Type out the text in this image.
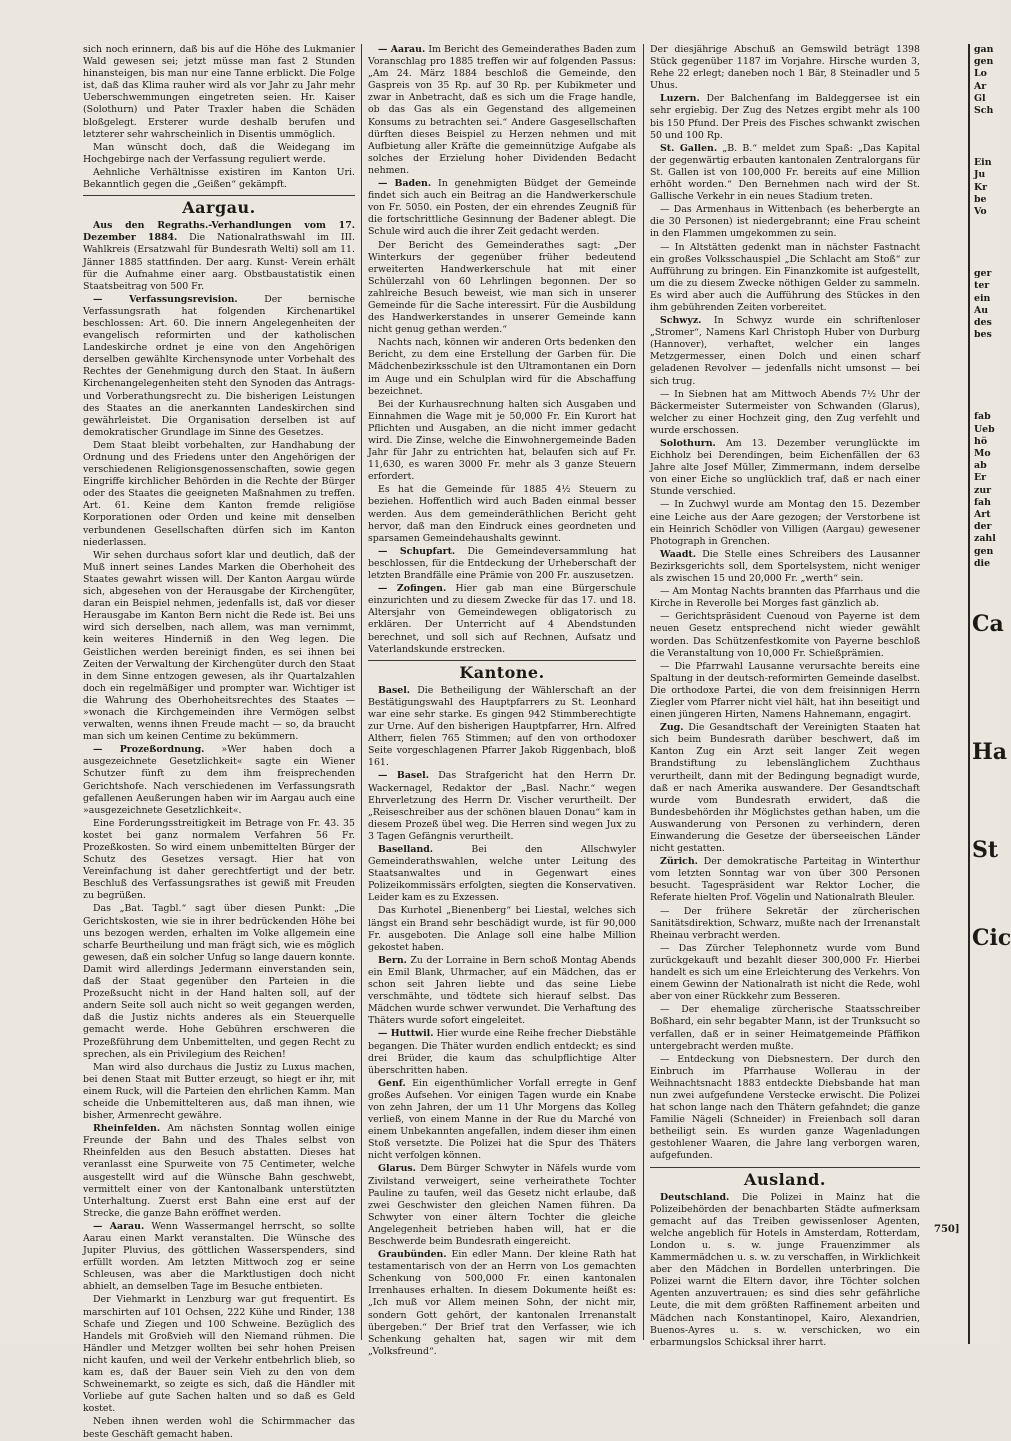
sich noch erinnern, daß bis auf die Höhe des Lukmanier Wald gewesen sei; jetzt müsse man fast 2 Stunden hinansteigen, bis man nur eine Tanne erblickt. Die Folge ist, daß das Klima rauher wird als vor Jahr zu Jahr mehr Ueberschwemmungen eingetreten seien. Hr. Kaiser (Solothurn) und Pater Traxler haben die Schäden bloßgelegt. Ersterer wurde deshalb berufen und letzterer sehr wahrscheinlich in Disentis ummöglich.

Man wünscht doch, daß die Weidegang im Hochgebirge nach der Verfassung reguliert werde.

Aehnliche Verhältnisse existiren im Kanton Uri. Bekanntlich gegen die „Geißen“ gekämpft.

Aargau.

Aus den Regraths.-Verhandlungen vom 17. Dezember 1884. Die Nationalrathswahl im III. Wahlkreis (Ersatzwahl für Bundesrath Welti) soll am 11. Jänner 1885 stattfinden. Der aarg. Kunst- Verein erhält für die Aufnahme einer aarg. Obstbaustatistik einen Staatsbeitrag von 500 Fr.

— Verfassungsrevision.	Der bernische Verfassungsrath hat folgenden Kirchenartikel beschlossen: Art. 60. Die innern Angelegenheiten der evangelisch reformirten und der katholischen Landeskirche ordnet je eine von den Angehörigen derselben gewählte Kirchensynode unter Vorbehalt des Rechtes der Genehmigung durch den Staat. In äußern Kirchenangelegenheiten steht den Synoden das Antrags- und Vorberathungsrecht zu. Die bisherigen Leistungen des Staates an die anerkannten Landeskirchen sind gewährleistet. Die Organisation derselben ist auf demokratischer Grundlage im Sinne des Gesetzes.

Dem Staat bleibt vorbehalten, zur Handhabung der Ordnung und des Friedens unter den Angehörigen der verschiedenen Religionsgenossenschaften, sowie gegen Eingriffe kirchlicher Behörden in die Rechte der Bürger oder des Staates die geeigneten Maßnahmen zu treffen. Art. 61. Keine dem Kanton fremde religiöse Korporationen oder Orden und keine mit denselben verbundenen Gesellschaften dürfen sich im Kanton niederlassen.

Wir sehen durchaus sofort klar und deutlich, daß der Muß innert seines Landes Marken die Oberhoheit des Staates gewahrt wissen will. Der Kanton Aargau würde sich, abgesehen von der Herausgabe der Kirchengüter, daran ein Beispiel nehmen, jedenfalls ist, daß vor dieser Herausgabe im Kanton Bern nicht die Rede ist. Bei uns wird sich derselben, nach allem, was man vernimmt, kein weiteres Hinderniß in den Weg legen. Die Geistlichen werden bereinigt finden, es sei ihnen bei Zeiten der Verwaltung der Kirchengüter durch den Staat in dem Sinne entzogen gewesen, als ihr Quartalzahlen doch ein regelmäßiger und prompter war. Wichtiger ist die Wahrung des Oberhoheitsrechtes des Staates — »wonach die Kirchgemeinden ihre Vermögen selbst verwalten, wenns ihnen Freude macht — so, da braucht man sich um keinen Centime zu bekümmern.

— Prozeßordnung. »Wer haben doch a ausgezeichnete Gesetzlichkeit« sagte ein Wiener Schutzer fünft zu dem ihm freisprechenden Gerichtshofe. Nach verschiedenen im Verfassungsrath gefallenen Aeußerungen haben wir im Aargau auch eine »ausgezeichnete Gesetzlichkeit«.

Eine Forderungsstreitigkeit im Betrage von Fr. 43. 35 kostet bei ganz normalem Verfahren 56 Fr. Prozeßkosten. So wird einem unbemittelten Bürger der Schutz des Gesetzes versagt. Hier hat von Vereinfachung ist daher gerechtfertigt und der betr. Beschluß des Verfassungsrathes ist gewiß mit Freuden zu begrüßen.

Das „Bat. Tagbl.“ sagt über diesen Punkt: „Die Gerichtskosten, wie sie in ihrer bedrückenden Höhe bei uns bezogen werden, erhalten im Volke allgemein eine scharfe Beurtheilung und man frägt sich, wie es möglich gewesen, daß ein solcher Unfug so lange dauern konnte. Damit wird allerdings Jedermann einverstanden sein, daß der Staat gegenüber den Parteien in die Prozeßsucht nicht in der Hand halten soll, auf der andern Seite soll auch nicht so weit gegangen werden, daß die Justiz nichts anderes als ein Steuerquelle gemacht werde. Hohe Gebühren erschweren die Prozeßführung dem Unbemittelten, und gegen Recht zu sprechen, als ein Privilegium des Reichen!

Man wird also durchaus die Justiz zu Luxus machen, bei denen Staat mit Butter erzeugt, so hiegt er ihr, mit einem Ruck, will die Parteien den ehrlichen Kamm. Man scheide die Unbemittelteren aus, daß man ihnen, wie bisher, Armenrecht gewähre.

Rheinfelden. Am nächsten Sonntag wollen einige Freunde der Bahn und des Thales selbst von Rheinfelden aus den Besuch abstatten. Dieses hat veranlasst eine Spurweite von 75 Centimeter, welche ausgestellt wird auf die Wünsche Bahn geschwebt, vermittelt einer von der Kantonalbank unterstützten Unterhaltung. Zuerst erst Bahn eine erst auf der Strecke, die ganze Bahn eröffnet werden.

— Aarau. Wenn Wassermangel herrscht, so sollte Aarau einen Markt veranstalten. Die Wünsche des Jupiter Pluvius, des göttlichen Wasserspenders, sind erfüllt worden. Am letzten Mittwoch zog er seine Schleusen, was aber die Marktlustigen doch nicht abhielt, an demselben Tage im Besuche entbieten.

Der Viehmarkt in Lenzburg war gut frequentirt. Es marschirten auf 101 Ochsen, 222 Kühe und Rinder, 138 Schafe und Ziegen und 100 Schweine. Bezüglich des Handels mit Großvieh will den Niemand rühmen. Die Händler und Metzger wollten bei sehr hohen Preisen nicht kaufen, und weil der Verkehr entbehrlich blieb, so kam es, daß der Bauer sein Vieh zu den von dem Schweinemarkt, so zeigte es sich, daß die Händler mit Vorliebe auf gute Sachen halten und so daß es Geld kostet.

Neben ihnen werden wohl die Schirmmacher das beste Geschäft gemacht haben.

— Aarau. Im Bericht des Gemeinderathes Baden zum Voranschlag pro 1885 treffen wir auf folgenden Passus: „Am 24. März 1884 beschloß die Gemeinde, den Gaspreis von 35 Rp. auf 30 Rp. per Kubikmeter und zwar in Anbetracht, daß es sich um die Frage handle, ob das Gas als ein Gegenstand des allgemeinen Konsums zu betrachten sei.“ Andere Gasgesellschaften dürften dieses Beispiel zu Herzen nehmen und mit Aufbietung aller Kräfte die gemeinnützige Aufgabe als solches der Erzielung hoher Dividenden Bedacht nehmen.

— Baden. In genehmigten Büdget der Gemeinde findet sich auch ein Beitrag an die Handwerkerschule von Fr. 5050. ein Posten, der ein ehrendes Zeugniß für die fortschrittliche Gesinnung der Badener ablegt. Die Schule wird auch die ihrer Zeit gedacht werden.

Der Bericht des Gemeinderathes sagt: „Der Winterkurs der gegenüber früher bedeutend erweiterten Handwerkerschule hat mit einer Schülerzahl von 60 Lehrlingen begonnen. Der so zahlreiche Besuch beweist, wie man sich in unserer Gemeinde für die Sache interessirt. Für die Ausbildung des Handwerkerstandes in unserer Gemeinde kann nicht genug gethan werden.“

Nachts nach, können wir anderen Orts bedenken den Bericht, zu dem eine Erstellung der Garben für. Die Mädchenbezirksschule ist den Ultramontanen ein Dorn im Auge und ein Schulplan wird für die Abschaffung bezeichnet.

Bei der Kurhausrechnung halten sich Ausgaben und Einnahmen die Wage mit je 50,000 Fr. Ein Kurort hat Pflichten und Ausgaben, an die nicht immer gedacht wird. Die Zinse, welche die Einwohnergemeinde Baden Jahr für Jahr zu entrichten hat, belaufen sich auf Fr. 11,630, es waren 3000 Fr. mehr als 3 ganze Steuern erfordert.

Es hat die Gemeinde für 1885 4½ Steuern zu beziehen. Hoffentlich wird auch Baden einmal besser werden. Aus dem gemeinderäthlichen Bericht geht hervor, daß man den Eindruck eines geordneten und sparsamen Gemeindehaushalts gewinnt.

— Schupfart. Die Gemeindeversammlung hat beschlossen, für die Entdeckung der Urheberschaft der letzten Brandfälle eine Prämie von 200 Fr. auszusetzen.

— Zofingen. Hier gab man eine Bürgerschule einzurichten und zu diesem Zwecke für das 17. und 18. Altersjahr von Gemeindewegen obligatorisch zu erklären. Der Unterricht auf 4 Abendstunden berechnet, und soll sich auf Rechnen, Aufsatz und Vaterlandskunde erstrecken.

Kantone.

Basel. Die Betheiligung der Wählerschaft an der Bestätigungswahl des Hauptpfarrers zu St. Leonhard war eine sehr starke. Es gingen 942 Stimmberechtigte zur Urne. Auf den bisherigen Hauptpfarrer, Hrn. Alfred Altherr, fielen 765 Stimmen; auf den von orthodoxer Seite vorgeschlagenen Pfarrer Jakob Riggenbach, bloß 161.

— Basel. Das Strafgericht hat den Herrn Dr. Wackernagel, Redaktor der „Basl. Nachr.“ wegen Ehrverletzung des Herrn Dr. Vischer verurtheilt. Der „Reiseschreiber aus der schönen blauen Donau“ kam in diesem Prozeß übel weg. Die Herren sind wegen Jux zu 3 Tagen Gefängnis verurtheilt.

Baselland.	Bei den Allschwyler Gemeinderathswahlen, welche unter Leitung des Staatsanwaltes und in Gegenwart eines Polizeikommissärs erfolgten, siegten die Konservativen. Leider kam es zu Exzessen.

Das Kurhotel „Bienenberg“ bei Liestal, welches sich längst ein Brand sehr beschädigt wurde, ist für 90,000 Fr. ausgeboten. Die Anlage soll eine halbe Million gekostet haben.

Bern. Zu der Lorraine in Bern schoß Montag Abends ein Emil Blank, Uhrmacher, auf ein Mädchen, das er schon seit Jahren liebte und das seine Liebe verschmähte, und tödtete sich hierauf selbst. Das Mädchen wurde schwer verwundet. Die Verhaftung des Thäters wurde sofort eingeleitet.

— Huttwil. Hier wurde eine Reihe frecher Diebstähle begangen. Die Thäter wurden endlich entdeckt; es sind drei Brüder, die kaum das schulpflichtige Alter überschritten haben.

Genf. Ein eigenthümlicher Vorfall erregte in Genf großes Aufsehen. Vor einigen Tagen wurde ein Knabe von zehn Jahren, der um 11 Uhr Morgens das Kolleg verließ, von einem Manne in der Rue du Marché von einem Unbekannten angefallen, indem dieser ihm einen Stoß versetzte. Die Polizei hat die Spur des Thäters nicht verfolgen können.

Glarus. Dem Bürger Schwyter in Näfels wurde vom Zivilstand verweigert, seine verheirathete Tochter Pauline zu taufen, weil das Gesetz nicht erlaube, daß zwei Geschwister den gleichen Namen führen. Da Schwyter von einer ältern Tochter die gleiche Angelegenheit betrieben haben will, hat er die Beschwerde beim Bundesrath eingereicht.

Graubünden. Ein edler Mann. Der kleine Rath hat testamentarisch von der an Herrn von Los gemachten Schenkung von 500,000 Fr. einen kantonalen Irrenhauses erhalten. In diesem Dokumente heißt es: „Ich muß vor Allem meinen Sohn, der nicht mir, sondern Gott gehört, der kantonalen Irrenanstalt übergeben.“ Der Brief trat den Verfasser, wie ich Schenkung gehalten hat, sagen wir mit dem „Volksfreund“.

Der diesjährige Abschuß an Gemswild beträgt 1398 Stück gegenüber 1187 im Vorjahre. Hirsche wurden 3, Rehe 22 erlegt; daneben noch 1 Bär, 8 Steinadler und 5 Uhus.

Luzern. Der Balchenfang im Baldeggersee ist ein sehr ergiebig. Der Zug des Netzes ergibt mehr als 100 bis 150 Pfund. Der Preis des Fisches schwankt zwischen 50 und 100 Rp.

St. Gallen. „B. B.“ meldet zum Spaß: „Das Kapital der gegenwärtig erbauten kantonalen Zentralorgans für St. Gallen ist von 100,000 Fr. bereits auf eine Million erhöht worden.“ Den Bernehmen nach wird der St. Gallische Verkehr in ein neues Stadium treten.

— Das Armenhaus in Wittenbach (es beherbergte an die 30 Personen) ist niedergebrannt; eine Frau scheint in den Flammen umgekommen zu sein.

— In Altstätten gedenkt man in nächster Fastnacht ein großes Volksschauspiel „Die Schlacht am Stoß“ zur Aufführung zu bringen. Ein Finanzkomite ist aufgestellt, um die zu diesem Zwecke nöthigen Gelder zu sammeln. Es wird aber auch die Aufführung des Stückes in den ihm gebührenden Zeiten vorbereitet.

Schwyz. In Schwyz wurde ein schriftenloser „Stromer“, Namens Karl Christoph Huber von Durburg (Hannover), verhaftet, welcher ein langes Metzgermesser, einen Dolch und einen scharf geladenen Revolver — jedenfalls nicht umsonst — bei sich trug.

— In Siebnen hat am Mittwoch Abends 7½ Uhr der Bäckermeister Sutermeister von Schwanden (Glarus), welcher zu einer Hochzeit ging, den Zug verfehlt und wurde erschossen.

Solothurn. Am 13. Dezember verunglückte im Eichholz bei Derendingen, beim Eichenfällen der 63 Jahre alte Josef Müller, Zimmermann, indem derselbe von einer Eiche so unglücklich traf, daß er nach einer Stunde verschied.

— In Zuchwyl wurde am Montag den 15. Dezember eine Leiche aus der Aare gezogen; der Verstorbene ist ein Heinrich Schödler von Villigen (Aargau) gewesener Photograph in Grenchen.

Waadt. Die Stelle eines Schreibers des Lausanner Bezirksgerichts soll, dem Sportelsystem, nicht weniger als zwischen 15 und 20,000 Fr. „werth“ sein.

— Am Montag Nachts brannten das Pfarrhaus und die Kirche in Reverolle bei Morges fast gänzlich ab.

— Gerichtspräsident Cuenoud von Payerne ist dem neuen Gesetz entsprechend nicht wieder gewählt worden. Das Schützenfestkomite von Payerne beschloß die Veranstaltung von 10,000 Fr. Schießprämien.

— Die Pfarrwahl Lausanne verursachte bereits eine Spaltung in der deutsch-reformirten Gemeinde daselbst. Die orthodoxe Partei, die von dem freisinnigen Herrn Ziegler vom Pfarrer nicht viel hält, hat ihn beseitigt und einen jüngeren Hirten, Namens Hahnemann, engagirt.

Zug. Die Gesandtschaft der Vereinigten Staaten hat sich beim Bundesrath darüber beschwert, daß im Kanton Zug ein Arzt seit langer Zeit wegen Brandstiftung zu lebenslänglichem Zuchthaus verurtheilt, dann mit der Bedingung begnadigt wurde, daß er nach Amerika auswandere. Der Gesandtschaft wurde vom Bundesrath erwidert, daß die Bundesbehörden ihr Möglichstes gethan haben, um die Auswanderung von Personen zu verhindern, deren Einwanderung die Gesetze der überseeischen Länder nicht gestatten.

Zürich. Der demokratische Parteitag in Winterthur vom letzten Sonntag war von über 300 Personen besucht. Tagespräsident war Rektor Locher, die Referate hielten Prof. Vögelin und Nationalrath Bleuler.

— Der frühere Sekretär der zürcherischen Sanitätsdirektion, Schwarz, mußte nach der Irrenanstalt Rheinau verbracht werden.

— Das Zürcher Telephonnetz wurde vom Bund zurückgekauft und bezahlt dieser 300,000 Fr. Hierbei handelt es sich um eine Erleichterung des Verkehrs. Von einem Gewinn der Nationalrath ist nicht die Rede, wohl aber von einer Rückkehr zum Besseren.

— Der ehemalige zürcherische Staatsschreiber Boßhard, ein sehr begabter Mann, ist der Trunksucht so verfallen, daß er in seiner Heimatgemeinde Pfäffikon untergebracht werden mußte.

— Entdeckung von Diebsnestern. Der durch den Einbruch im Pfarrhause Wollerau in der Weihnachtsnacht 1883 entdeckte Diebsbande hat man nun zwei aufgefundene Verstecke erwischt. Die Polizei hat schon lange nach den Thätern gefahndet; die ganze Familie Nägeli (Schneider) in Freienbach soll daran betheiligt sein. Es wurden ganze Wagenladungen gestohlener Waaren, die Jahre lang verborgen waren, aufgefunden.

Ausland.

Deutschland. Die Polizei in Mainz hat die Polizeibehörden der benachbarten Städte aufmerksam gemacht auf das Treiben gewissenloser Agenten, welche angeblich für Hotels in Amsterdam, Rotterdam, London u. s. w. junge Frauenzimmer als Kammermädchen u. s. w. zu verschaffen, in Wirklichkeit aber den Mädchen in Bordellen unterbringen. Die Polizei warnt die Eltern davor, ihre Töchter solchen Agenten anzuvertrauen; es sind dies sehr gefährliche Leute, die mit dem größten Raffinement arbeiten und Mädchen nach Konstantinopel, Kairo, Alexandrien, Buenos-Ayres u. s. w. verschicken, wo ein erbarmungslos Schicksal ihrer harrt.

gan
gen
Lo
Ar
Gl
Sch
Ein
Ju
Kr
be
Vo
ger
ter
ein
Au
des
bes
fab
Ueb
hö
Mo
ab
Er
zur
fah
Art
der
zahl
gen
die
Ca
Ha
St
Cic
750]
